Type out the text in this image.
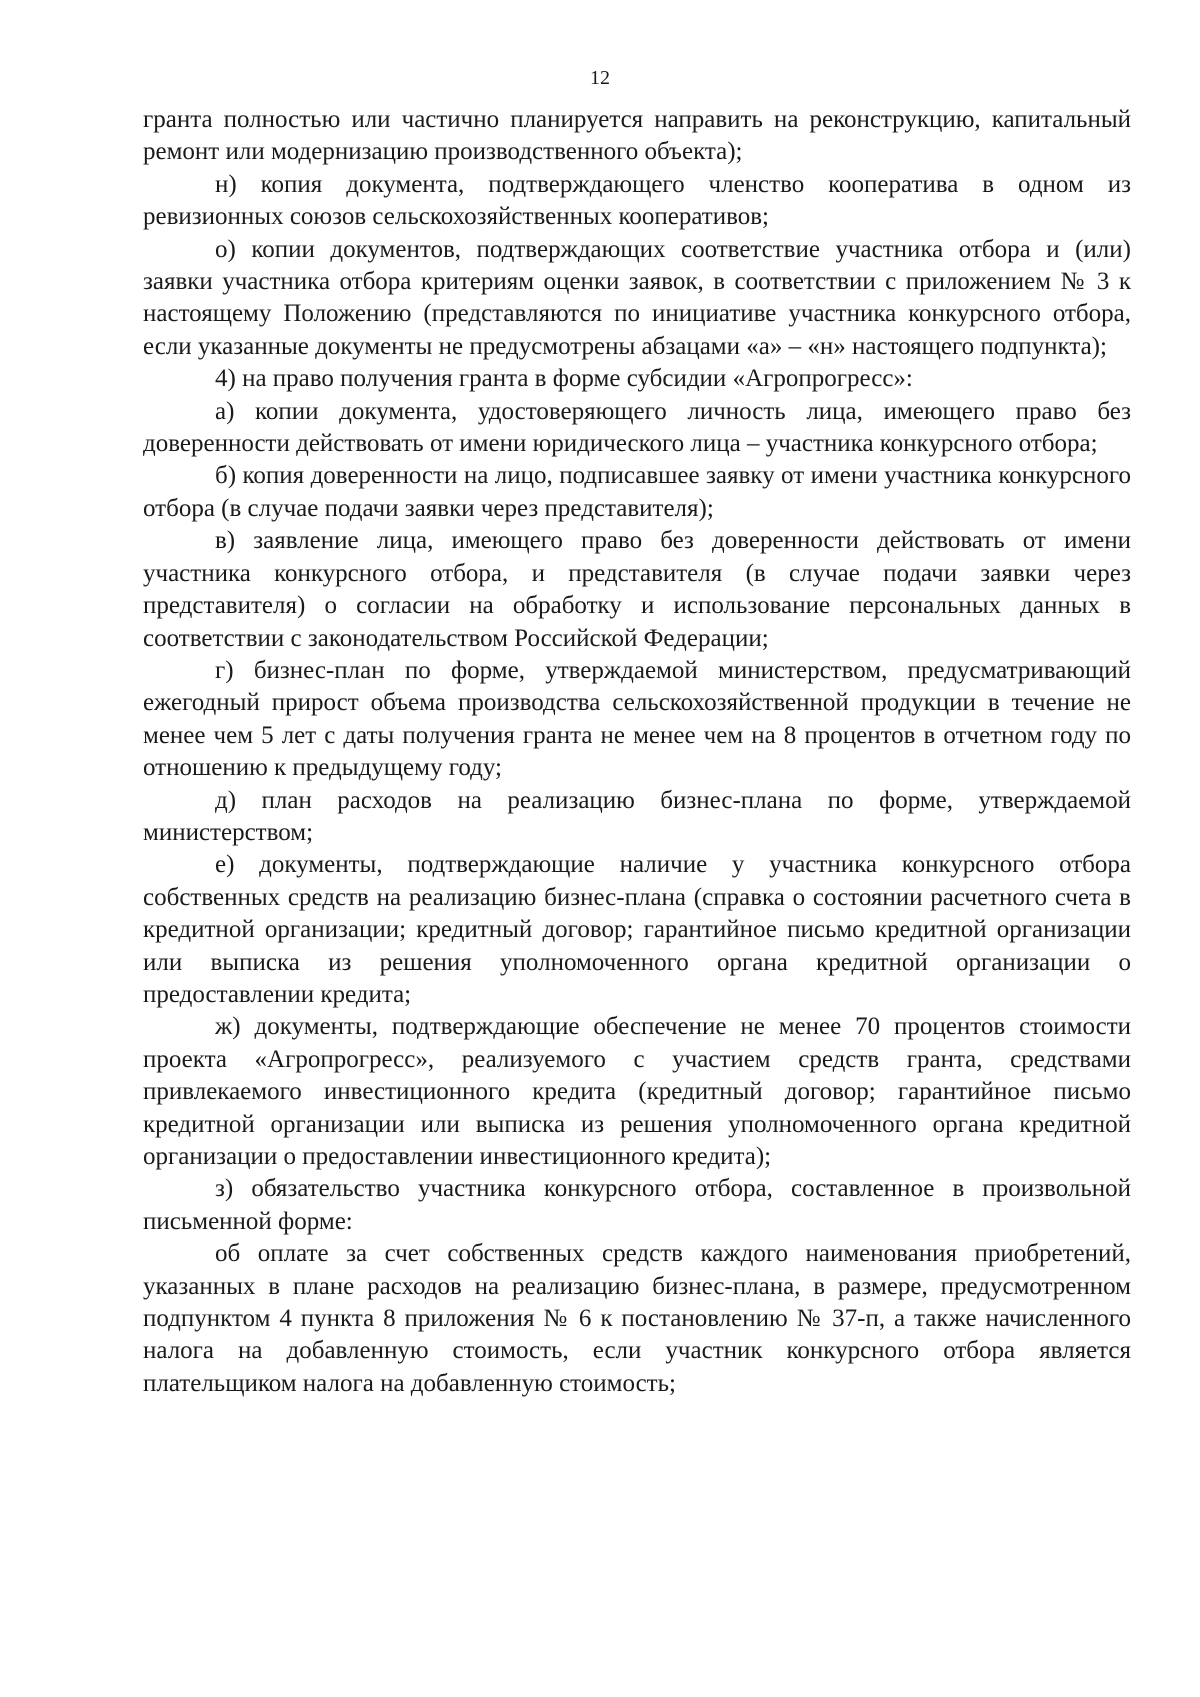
12

гранта полностью или частично планируется направить на реконструкцию, капитальный ремонт или модернизацию производственного объекта);

н) копия документа, подтверждающего членство кооператива в одном из ревизионных союзов сельскохозяйственных кооперативов;

о) копии документов, подтверждающих соответствие участника отбора и (или) заявки участника отбора критериям оценки заявок, в соответствии с приложением № 3 к настоящему Положению (представляются по инициативе участника конкурсного отбора, если указанные документы не предусмотрены абзацами «а» – «н» настоящего подпункта);

4) на право получения гранта в форме субсидии «Агропрогресс»:

а) копии документа, удостоверяющего личность лица, имеющего право без доверенности действовать от имени юридического лица – участника конкурсного отбора;

б) копия доверенности на лицо, подписавшее заявку от имени участника конкурсного отбора (в случае подачи заявки через представителя);

в) заявление лица, имеющего право без доверенности действовать от имени участника конкурсного отбора, и представителя (в случае подачи заявки через представителя) о согласии на обработку и использование персональных данных в соответствии с законодательством Российской Федерации;

г) бизнес-план по форме, утверждаемой министерством, предусматривающий ежегодный прирост объема производства сельскохозяйственной продукции в течение не менее чем 5 лет с даты получения гранта не менее чем на 8 процентов в отчетном году по отношению к предыдущему году;

д) план расходов на реализацию бизнес-плана по форме, утверждаемой министерством;

е) документы, подтверждающие наличие у участника конкурсного отбора собственных средств на реализацию бизнес-плана (справка о состоянии расчетного счета в кредитной организации; кредитный договор; гарантийное письмо кредитной организации или выписка из решения уполномоченного органа кредитной организации о предоставлении кредита;

ж) документы, подтверждающие обеспечение не менее 70 процентов стоимости проекта «Агропрогресс», реализуемого с участием средств гранта, средствами привлекаемого инвестиционного кредита (кредитный договор; гарантийное письмо кредитной организации или выписка из решения уполномоченного органа кредитной организации о предоставлении инвестиционного кредита);

з) обязательство участника конкурсного отбора, составленное в произвольной письменной форме:

об оплате за счет собственных средств каждого наименования приобретений, указанных в плане расходов на реализацию бизнес-плана, в размере, предусмотренном подпунктом 4 пункта 8 приложения № 6 к постановлению № 37-п, а также начисленного налога на добавленную стоимость, если участник конкурсного отбора является плательщиком налога на добавленную стоимость;
